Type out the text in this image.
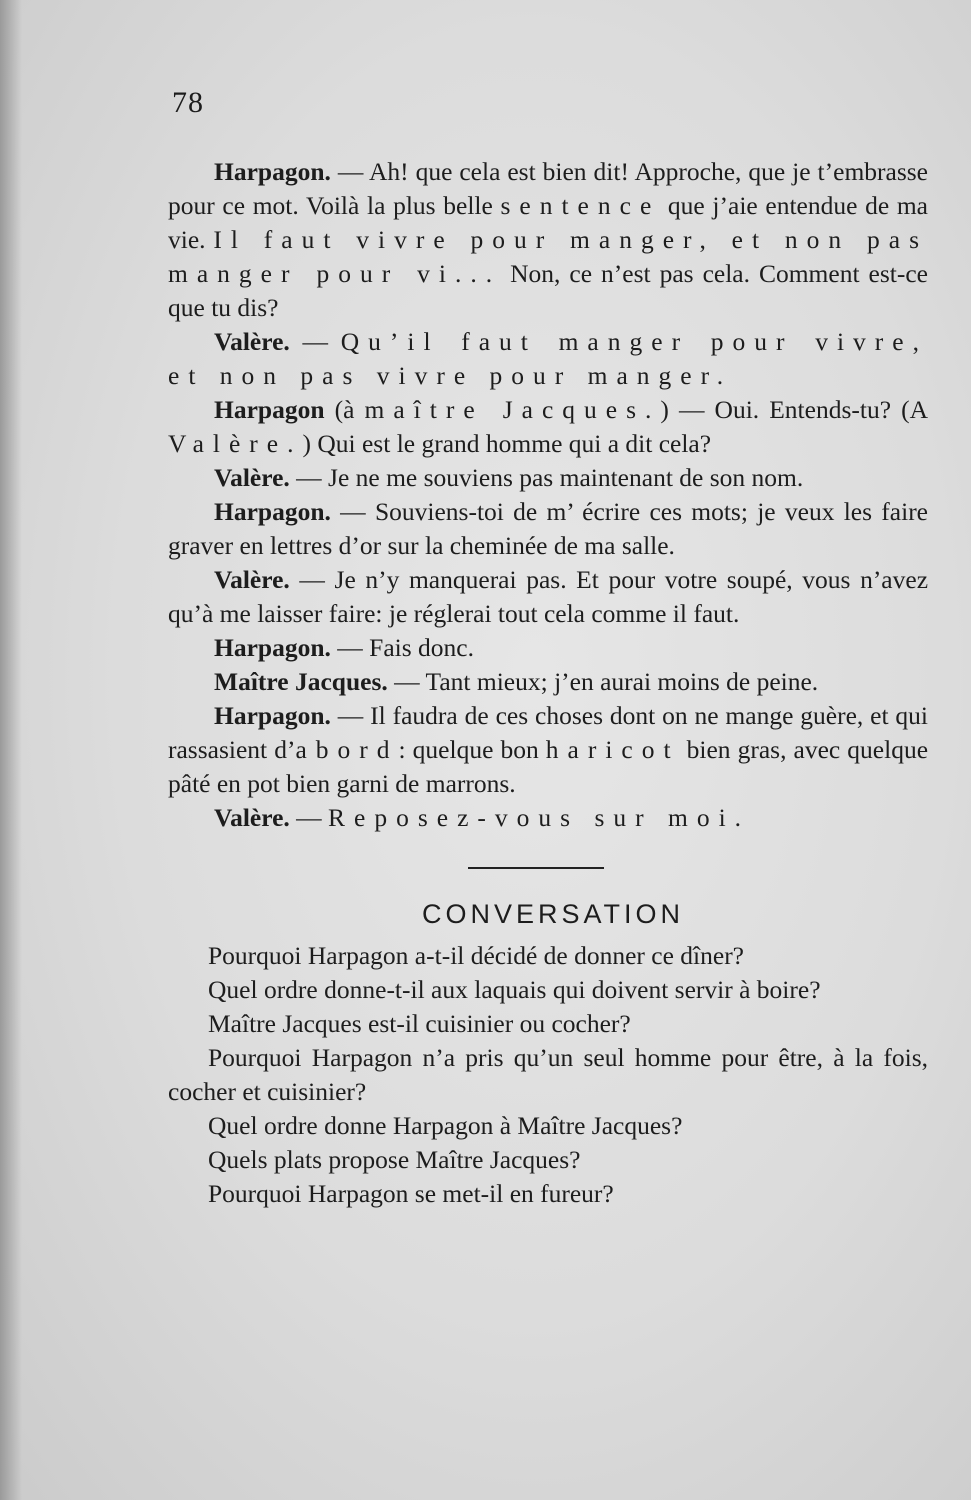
78

Harpagon. — Ah! que cela est bien dit! Approche, que je t’embrasse pour ce mot. Voilà la plus belle sentence que j’aie entendue de ma vie. Il faut vivre pour manger, et non pas manger pour vi... Non, ce n’est pas cela. Comment est-ce que tu dis?

Valère. — Qu’il faut manger pour vivre, et non pas vivre pour manger.

Harpagon (à maître Jacques.) — Oui. Entends-tu? (A Valère.) Qui est le grand homme qui a dit cela?

Valère. — Je ne me souviens pas maintenant de son nom.

Harpagon. — Souviens-toi de m’ écrire ces mots; je veux les faire graver en lettres d’or sur la cheminée de ma salle.

Valère. — Je n’y manquerai pas. Et pour votre soupé, vous n’avez qu’à me laisser faire: je réglerai tout cela comme il faut.

Harpagon. — Fais donc.

Maître Jacques. — Tant mieux; j’en aurai moins de peine.

Harpagon. — Il faudra de ces choses dont on ne mange guère, et qui rassasient d’abord: quelque bon haricot bien gras, avec quelque pâté en pot bien garni de marrons.

Valère. — Reposez-vous sur moi.

CONVERSATION

Pourquoi Harpagon a-t-il décidé de donner ce dîner?

Quel ordre donne-t-il aux laquais qui doivent servir à boire?

Maître Jacques est-il cuisinier ou cocher?

Pourquoi Harpagon n’a pris qu’un seul homme pour être, à la fois, cocher et cuisinier?

Quel ordre donne Harpagon à Maître Jacques?

Quels plats propose Maître Jacques?

Pourquoi Harpagon se met-il en fureur?
